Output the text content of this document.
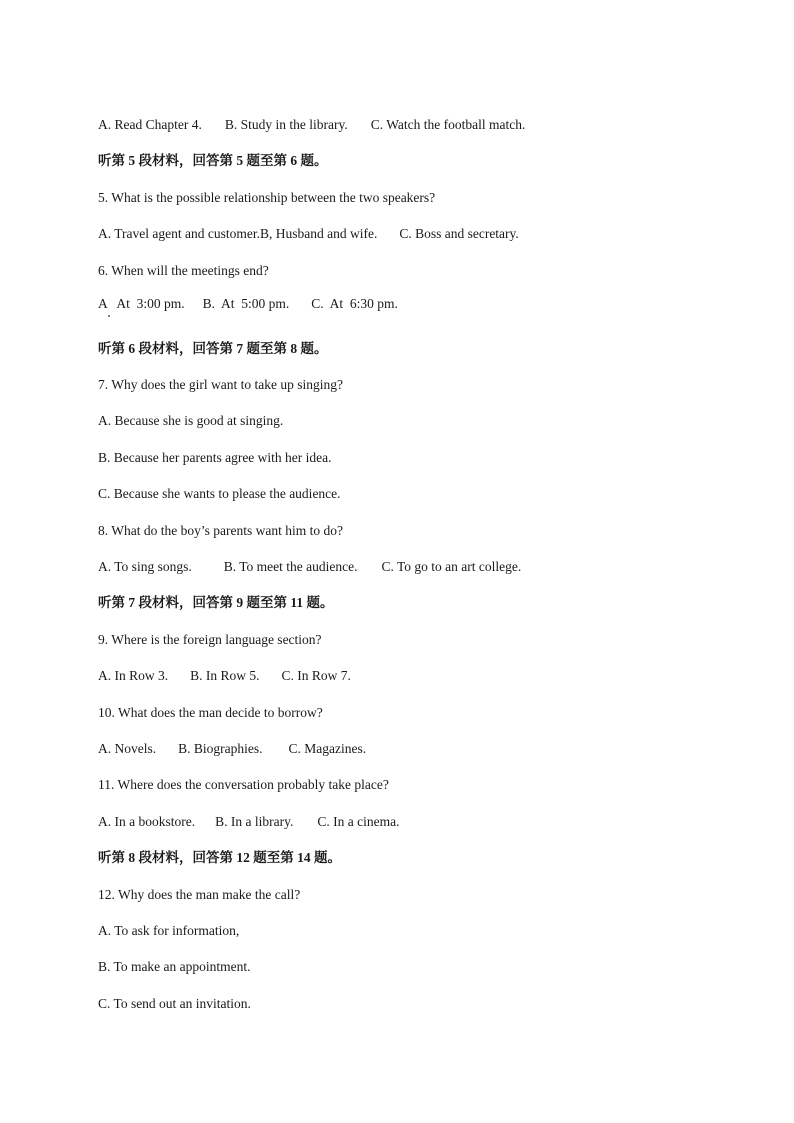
A. Read Chapter 4. B. Study in the library. C. Watch the football match.
听第 5 段材料，回答第 5 题至第 6 题。
5. What is the possible relationship between the two speakers?
A. Travel agent and customer.B, Husband and wife. C. Boss and secretary.
6. When will the meetings end?
A   At  3:00 pm. B.  At  5:00 pm. C.  At  6:30 pm.
听第 6 段材料，回答第 7 题至第 8 题。
7. Why does the girl want to take up singing?
A. Because she is good at singing.
B. Because her parents agree with her idea.
C. Because she wants to please the audience.
8. What do the boy’s parents want him to do?
A. To sing songs. B. To meet the audience. C. To go to an art college.
听第 7 段材料，回答第 9 题至第 11 题。
9. Where is the foreign language section?
A. In Row 3. B. In Row 5. C. In Row 7.
10. What does the man decide to borrow?
A. Novels. B. Biographies. C. Magazines.
11. Where does the conversation probably take place?
A. In a bookstore. B. In a library. C. In a cinema.
听第 8 段材料，回答第 12 题至第 14 题。
12. Why does the man make the call?
A. To ask for information,
B. To make an appointment.
C. To send out an invitation.
